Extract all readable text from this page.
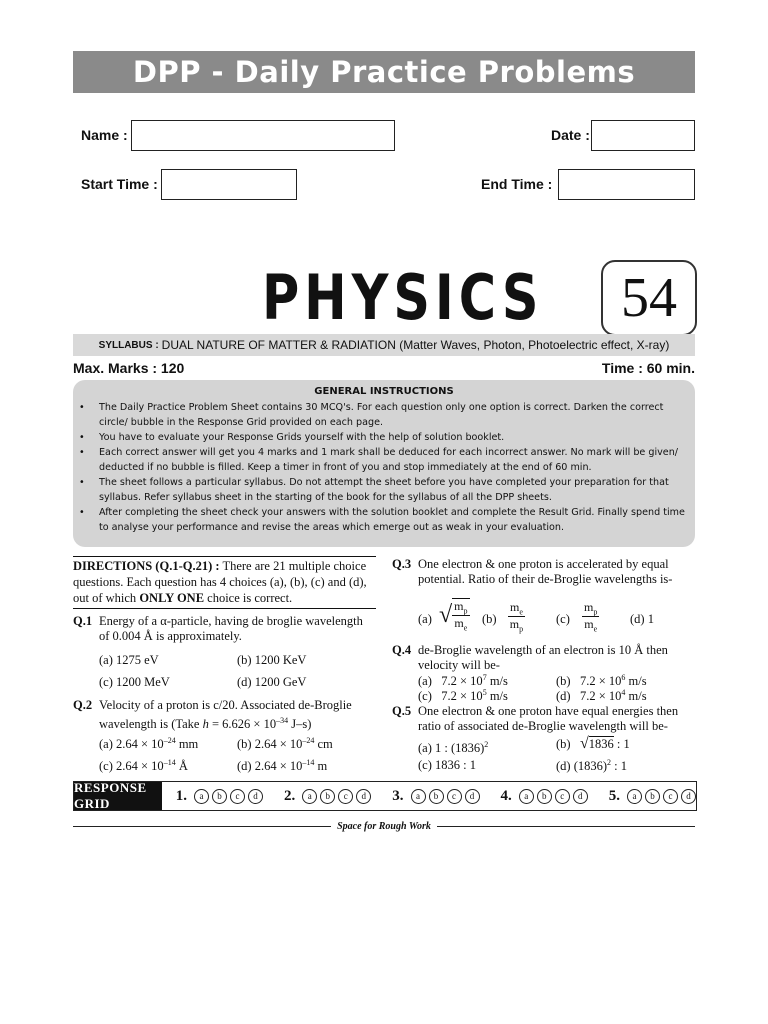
DPP - Daily Practice Problems
Name :	Date :
Start Time :	End Time :
PHYSICS	54
SYLLABUS : DUAL NATURE OF MATTER & RADIATION (Matter Waves, Photon, Photoelectric effect, X-ray)
Max. Marks : 120	Time : 60 min.
GENERAL INSTRUCTIONS
• The Daily Practice Problem Sheet contains 30 MCQ's. For each question only one option is correct. Darken the correct circle/ bubble in the Response Grid provided on each page.
• You have to evaluate your Response Grids yourself with the help of solution booklet.
• Each correct answer will get you 4 marks and 1 mark shall be deduced for each incorrect answer. No mark will be given/ deducted if no bubble is filled. Keep a timer in front of you and stop immediately at the end of 60 min.
• The sheet follows a particular syllabus. Do not attempt the sheet before you have completed your preparation for that syllabus. Refer syllabus sheet in the starting of the book for the syllabus of all the DPP sheets.
• After completing the sheet check your answers with the solution booklet and complete the Result Grid. Finally spend time to analyse your performance and revise the areas which emerge out as weak in your evaluation.
DIRECTIONS (Q.1-Q.21) : There are 21 multiple choice questions. Each question has 4 choices (a), (b), (c) and (d), out of which ONLY ONE choice is correct.
Q.1 Energy of a α-particle, having de broglie wavelength of 0.004 Å is approximately.
(a) 1275 eV	(b) 1200 KeV
(c) 1200 MeV	(d) 1200 GeV
Q.2 Velocity of a proton is c/20. Associated de-Broglie wavelength is (Take $h = 6.626 \times 10^{-34}$ J–s)
(a) $2.64 \times 10^{-24}$ mm	(b) $2.64 \times 10^{-24}$ cm
(c) $2.64 \times 10^{-14}$ Å	(d) $2.64 \times 10^{-14}$ m
Q.3 One electron & one proton is accelerated by equal potential. Ratio of their de-Broglie wavelengths is-
(a) √ $\frac{m_p}{m_e} (b) \frac{m_e}{m_p} (c) \frac{m_p}{m_e} (d)$ 1
Q.4 de-Broglie wavelength of an electron is 10 Å then velocity will be-
(a) $7.2 \times 10^7$ m/s	(b) $7.2 \times 10^6$ m/s
(c) $7.2 \times 10^5$ m/s	(d) $7.2 \times 10^4$ m/s
Q.5 One electron & one proton have equal energies then ratio of associated de-Broglie wavelength will be-
(a) 1 : $(1836)^2$	(b) √ 1836 : 1
(c) 1836 : 1	(d) $(1836)^2$ : 1
RESPONSE GRID	1.	a	b	c	d	2.	a	b	c	d	3.	a	b	c	d	4.	a	b	c	d	5.	a	b	c	d
Space for Rough Work
